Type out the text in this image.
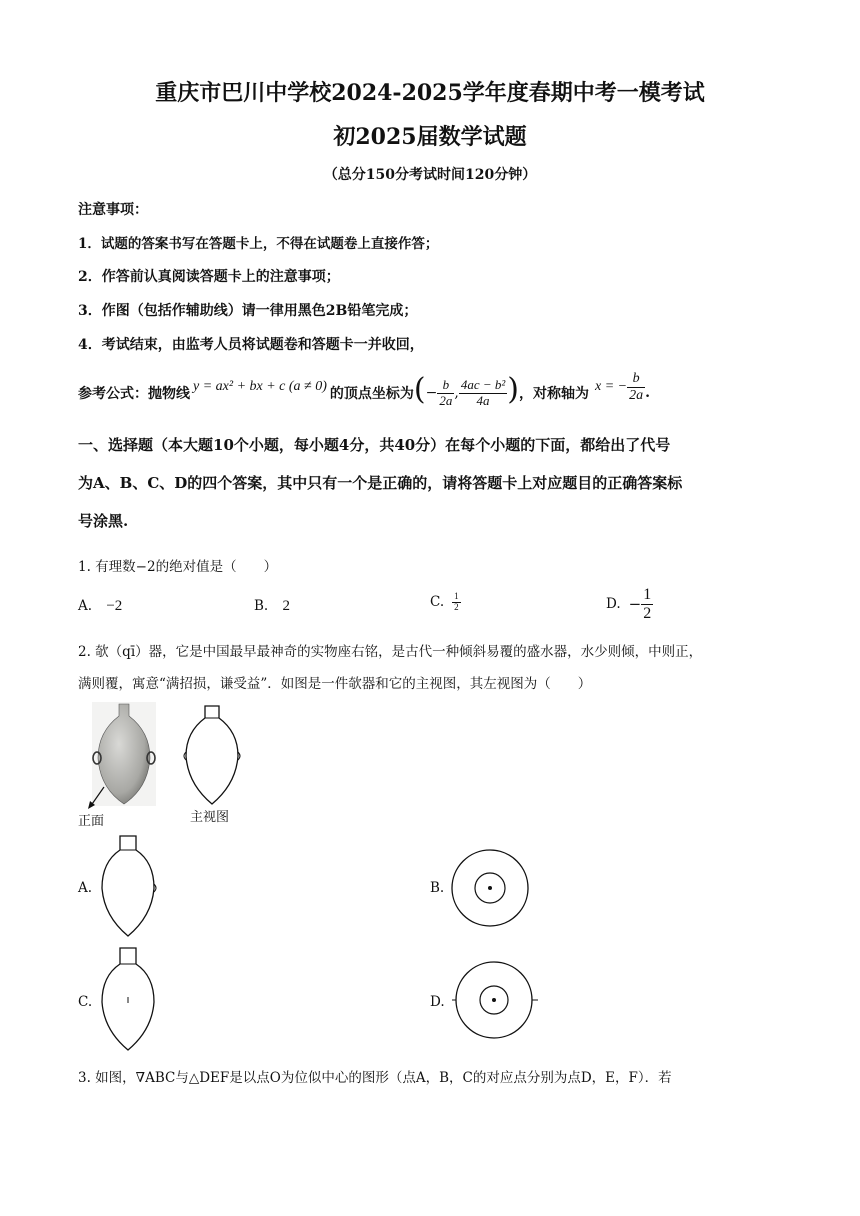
重庆市巴川中学校2024-2025学年度春期中考一模考试
初2025届数学试题
（总分150分考试时间120分钟）
注意事项：
1．试题的答案书写在答题卡上，不得在试题卷上直接作答；
2．作答前认真阅读答题卡上的注意事项；
3．作图（包括作辅助线）请一律用黑色2B铅笔完成；
4．考试结束，由监考人员将试题卷和答题卡一并收回，
参考公式：抛物线 y = ax² + bx + c (a ≠ 0) 的顶点坐标为 ( − $\frac{b}{2a}$ , $\frac{\text{4ac − b²}}{4a}$ ) ，对称轴为 x = − $\frac{b}{2a}$ .
一、选择题（本大题10个小题，每小题4分，共40分）在每个小题的下面，都给出了代号
为A、B、C、D的四个答案，其中只有一个是正确的，请将答题卡上对应题目的正确答案标
号涂黑.
1. 有理数−2的绝对值是（　　）
A. −2	B. 2	C. $\frac{1}{2}$	D. − $\frac{1}{2}$
2. 欹（qī）器，它是中国最早最神奇的实物座右铭，是古代一种倾斜易覆的盛水器，水少则倾，中则正，
满则覆，寓意“满招损，谦受益”．如图是一件欹器和它的主视图，其左视图为（　　）
正面	主视图
A.	B.
C.	D.
3. 如图，∇ABC与△DEF是以点O为位似中心的图形（点A，B，C的对应点分别为点D，E，F）．若
